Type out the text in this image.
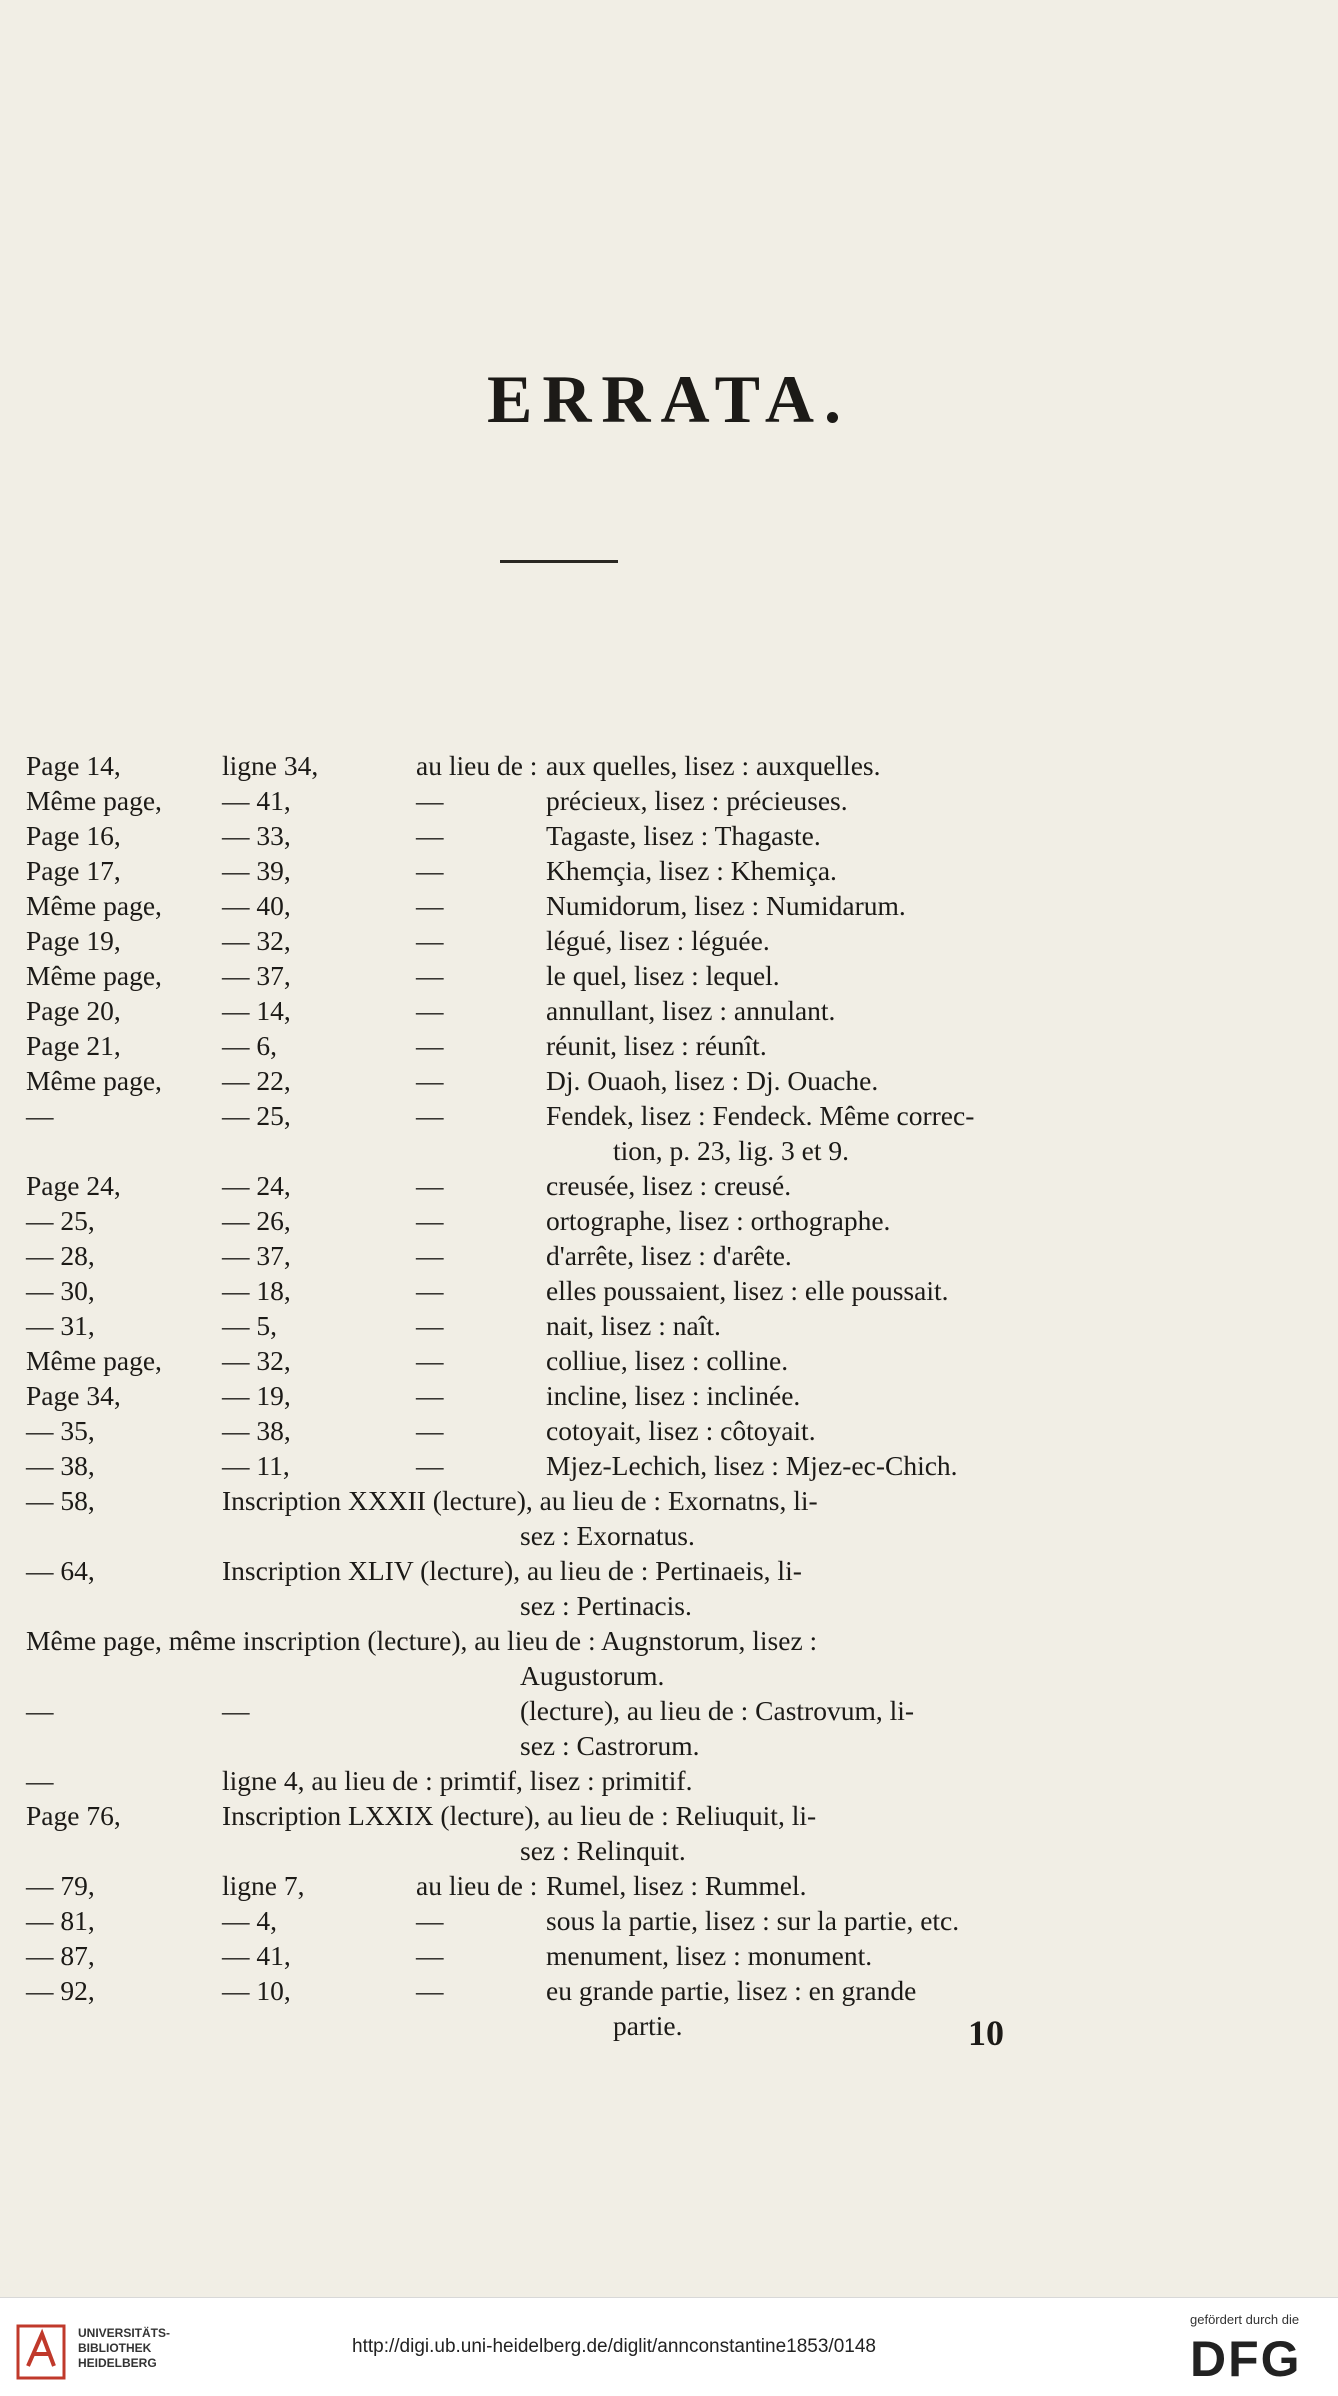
ERRATA.
Page 14,	ligne 34,	au lieu de : aux quelles, lisez : auxquelles.
Même page, — 41,	—	précieux, lisez : précieuses.
Page 16,	— 33,	—	Tagaste, lisez : Thagaste.
Page 17,	— 39,	—	Khemçia, lisez : Khemiça.
Même page, — 40,	—	Numidorum, lisez : Numidarum.
Page 19,	— 32,	—	légué, lisez : léguée.
Même page, — 37,	—	le quel, lisez : lequel.
Page 20,	— 14,	—	annullant, lisez : annulant.
Page 21,	— 6,	—	réunit, lisez : réunît.
Même page, — 22,	—	Dj. Ouaoh, lisez : Dj. Ouache.
—	— 25,	—	Fendek, lisez : Fendeck. Même correc-
tion, p. 23, lig. 3 et 9.
Page 24,	— 24,	—	creusée, lisez : creusé.
— 25,	— 26,	—	ortographe, lisez : orthographe.
— 28,	— 37,	—	d'arrête, lisez : d'arête.
— 30,	— 18,	—	elles poussaient, lisez : elle poussait.
— 31,	— 5,	—	nait, lisez : naît.
Même page, — 32,	—	colliue, lisez : colline.
Page 34,	— 19,	—	incline, lisez : inclinée.
— 35,	— 38,	—	cotoyait, lisez : côtoyait.
— 38,	— 11,	—	Mjez-Lechich, lisez : Mjez-ec-Chich.
— 58,	Inscription XXXII (lecture), au lieu de : Exornatns, li-
sez : Exornatus.
— 64,	Inscription XLIV (lecture), au lieu de : Pertinaeis, li-
sez : Pertinacis.
Même page, même inscription (lecture), au lieu de : Augnstorum, lisez :
Augustorum.
—	—	(lecture), au lieu de : Castrovum, li-
sez : Castrorum.
—	ligne 4, au lieu de : primtif, lisez : primitif.
Page 76,	Inscription LXXIX (lecture), au lieu de : Reliuquit, li-
sez : Relinquit.
— 79,	ligne 7,	au lieu de : Rumel, lisez : Rummel.
— 81,	— 4,	—	sous la partie, lisez : sur la partie, etc.
— 87,	— 41,	—	menument, lisez : monument.
— 92,	— 10,	—	eu grande partie, lisez : en grande
partie.	10
UNIVERSITÄTS-
BIBLIOTHEK
HEIDELBERG
http://digi.ub.uni-heidelberg.de/diglit/annconstantine1853/0148
gefördert durch die
DFG
